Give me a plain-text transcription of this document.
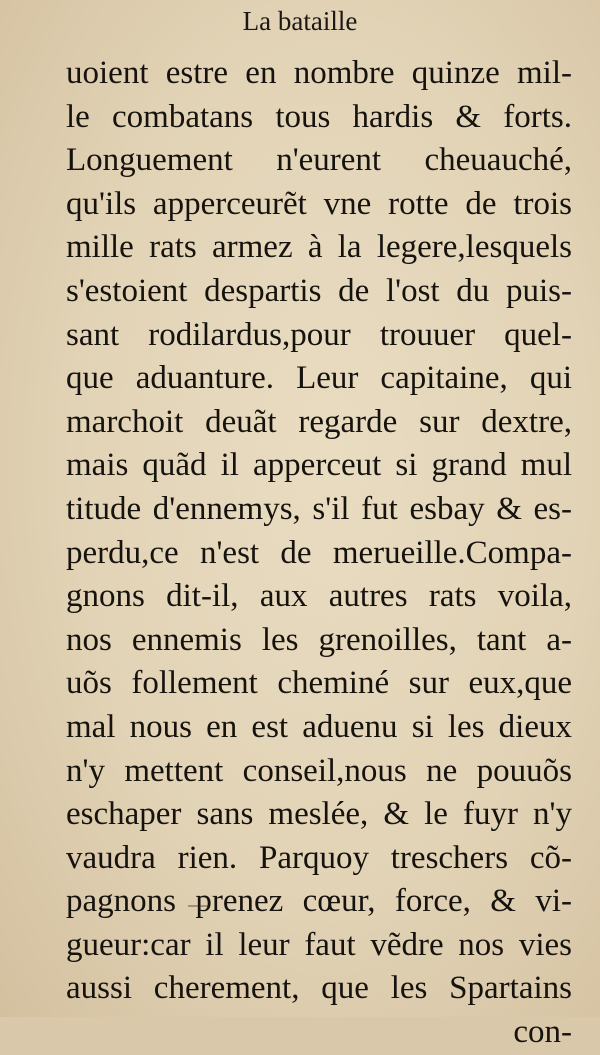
La bataille
uoient estre en nombre quinze mil-
le combatans tous hardis & forts.
Longuement n'eurent cheuauché,
qu'ils apperceurẽt vne rotte de trois
mille rats armez à la legere,lesquels
s'estoient despartis de l'ost du puis-
sant rodilardus,pour trouuer quel-
que aduanture. Leur capitaine, qui
marchoit deuãt regarde sur dextre,
mais quãd il apperceut si grand mul
titude d'ennemys, s'il fut esbay & es-
perdu,ce n'est de merueille.Compa-
gnons dit-il, aux autres rats voila,
nos ennemis les grenoilles, tant a-
uõs follement cheminé sur eux,que
mal nous en est aduenu si les dieux
n'y mettent conseil,nous ne pouuõs
eschaper sans meslée, & le fuyr n'y
vaudra rien. Parquoy treschers cõ-
pagnons prenez cœur, force, & vi-
gueur:car il leur faut vẽdre nos vies
aussi cherement, que les Spartains
con-
